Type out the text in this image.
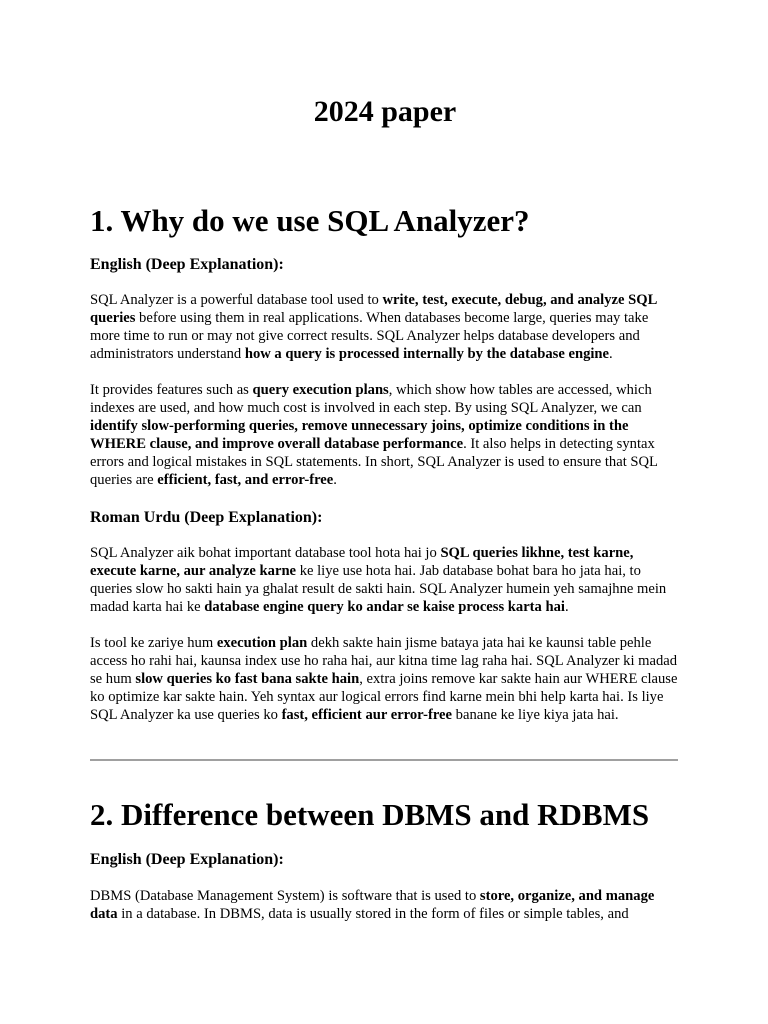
2024 paper
1. Why do we use SQL Analyzer?
English (Deep Explanation):

SQL Analyzer is a powerful database tool used to write, test, execute, debug, and analyze SQL queries before using them in real applications. When databases become large, queries may take more time to run or may not give correct results. SQL Analyzer helps database developers and administrators understand how a query is processed internally by the database engine.

It provides features such as query execution plans, which show how tables are accessed, which indexes are used, and how much cost is involved in each step. By using SQL Analyzer, we can identify slow-performing queries, remove unnecessary joins, optimize conditions in the WHERE clause, and improve overall database performance. It also helps in detecting syntax errors and logical mistakes in SQL statements. In short, SQL Analyzer is used to ensure that SQL queries are efficient, fast, and error-free.

Roman Urdu (Deep Explanation):

SQL Analyzer aik bohat important database tool hota hai jo SQL queries likhne, test karne, execute karne, aur analyze karne ke liye use hota hai. Jab database bohat bara ho jata hai, to queries slow ho sakti hain ya ghalat result de sakti hain. SQL Analyzer humein yeh samajhne mein madad karta hai ke database engine query ko andar se kaise process karta hai.

Is tool ke zariye hum execution plan dekh sakte hain jisme bataya jata hai ke kaunsi table pehle access ho rahi hai, kaunsa index use ho raha hai, aur kitna time lag raha hai. SQL Analyzer ki madad se hum slow queries ko fast bana sakte hain, extra joins remove kar sakte hain aur WHERE clause ko optimize kar sakte hain. Yeh syntax aur logical errors find karne mein bhi help karta hai. Is liye SQL Analyzer ka use queries ko fast, efficient aur error-free banane ke liye kiya jata hai.

2. Difference between DBMS and RDBMS
English (Deep Explanation):

DBMS (Database Management System) is software that is used to store, organize, and manage data in a database. In DBMS, data is usually stored in the form of files or simple tables, and
